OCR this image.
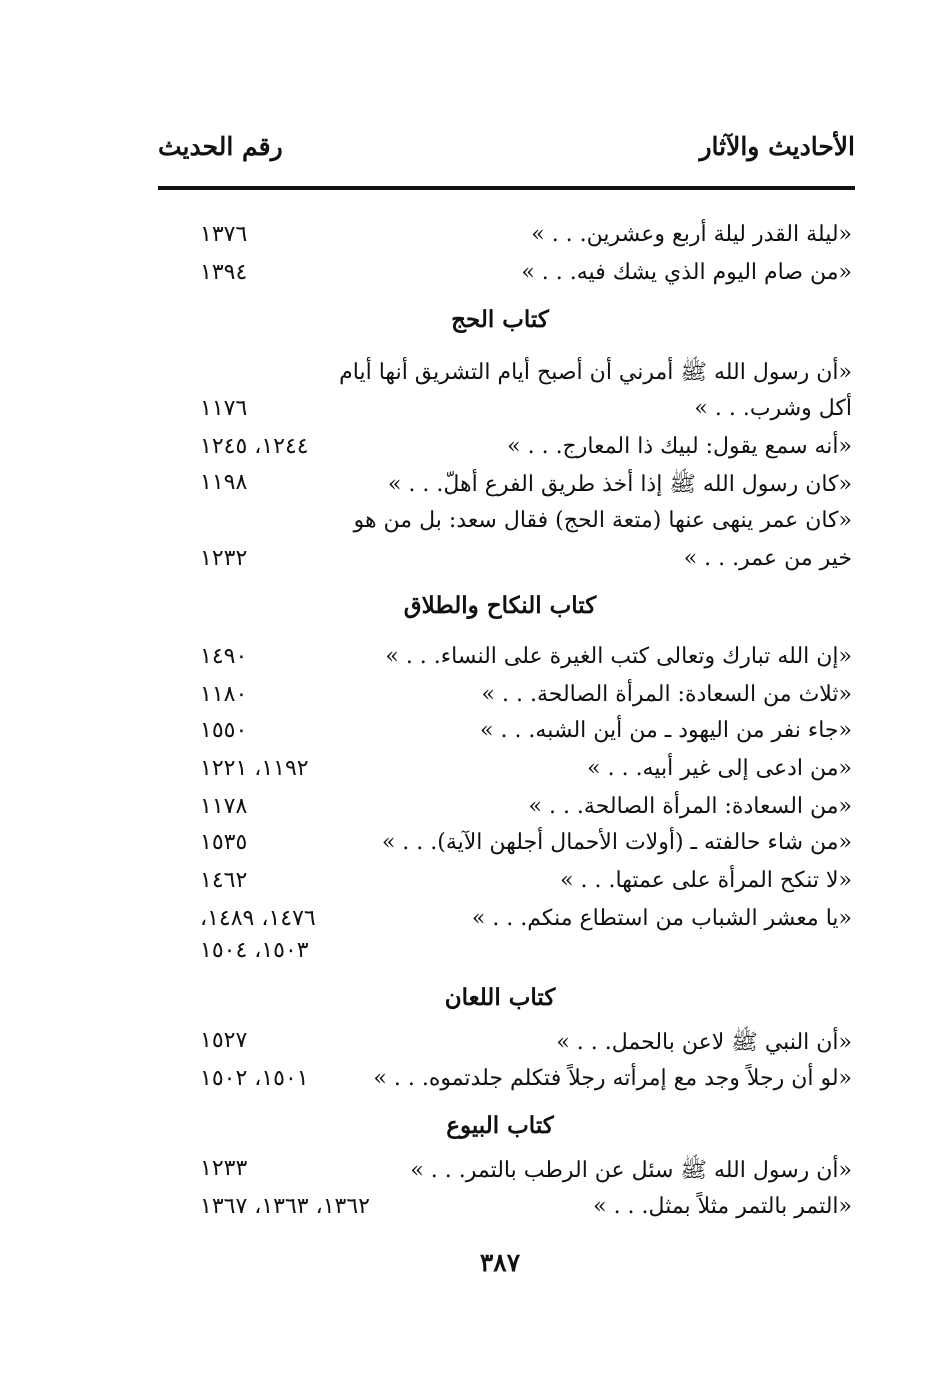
الأحاديث والآثار
رقم الحديث
«ليلة القدر ليلة أربع وعشرين. . . »
١٣٧٦
«من صام اليوم الذي يشك فيه. . . »
١٣٩٤
كتاب الحج
«أن رسول الله ﷺ أمرني أن أصبح أيام التشريق أنها أيام
أكل وشرب. . . »
١١٧٦
«أنه سمع يقول: لبيك ذا المعارج. . . »
١٢٤٤، ١٢٤٥
«كان رسول الله ﷺ إذا أخذ طريق الفرع أهلّ. . . »
١١٩٨
«كان عمر ينهى عنها (متعة الحج) فقال سعد: بل من هو
خير من عمر. . . »
١٢٣٢
كتاب النكاح والطلاق
«إن الله تبارك وتعالى كتب الغيرة على النساء. . . »
١٤٩٠
«ثلاث من السعادة: المرأة الصالحة. . . »
١١٨٠
«جاء نفر من اليهود ـ من أين الشبه. . . »
١٥٥٠
«من ادعى إلى غير أبيه. . . »
١١٩٢، ١٢٢١
«من السعادة: المرأة الصالحة. . . »
١١٧٨
«من شاء حالفته ـ (أولات الأحمال أجلهن الآية). . . »
١٥٣٥
«لا تنكح المرأة على عمتها. . . »
١٤٦٢
«يا معشر الشباب من استطاع منكم. . . »
١٤٧٦، ١٤٨٩،
١٥٠٣، ١٥٠٤
كتاب اللعان
«أن النبي ﷺ لاعن بالحمل. . . »
١٥٢٧
«لو أن رجلاً وجد مع إمرأته رجلاً فتكلم جلدتموه. . . »
١٥٠١، ١٥٠٢
كتاب البيوع
«أن رسول الله ﷺ سئل عن الرطب بالتمر. . . »
١٢٣٣
«التمر بالتمر مثلاً بمثل. . . »
١٣٦٢، ١٣٦٣، ١٣٦٧
٣٨٧
